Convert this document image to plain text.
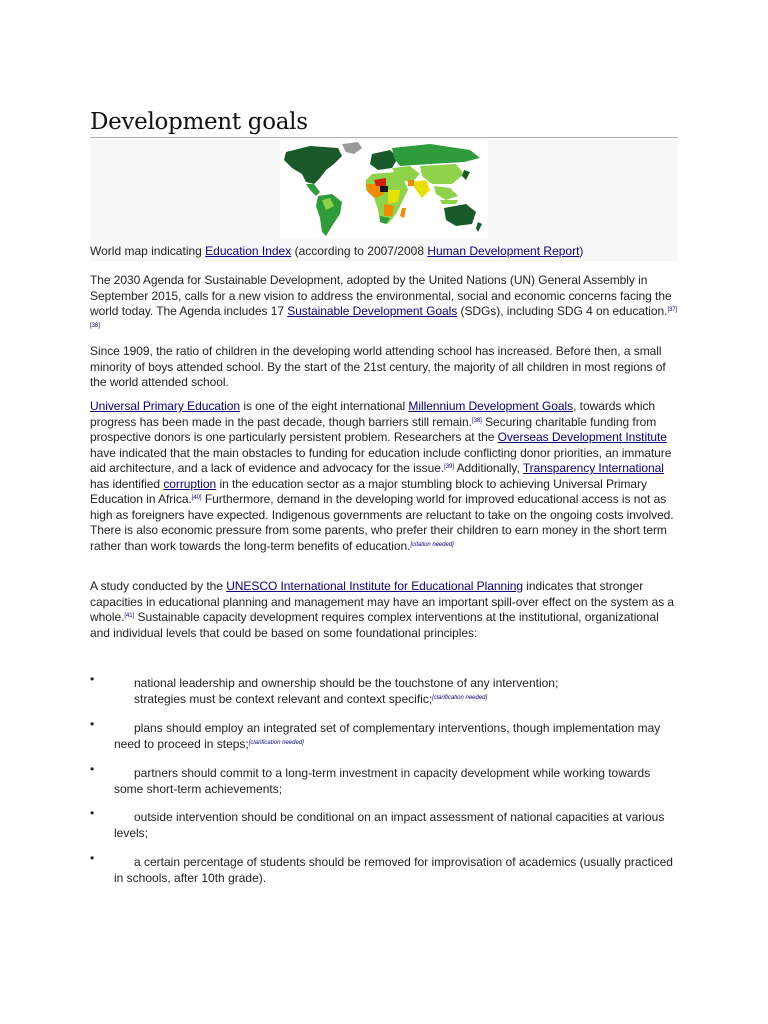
Development goals
World map indicating Education Index (according to 2007/2008 Human Development Report)

The 2030 Agenda for Sustainable Development, adopted by the United Nations (UN) General Assembly in September 2015, calls for a new vision to address the environmental, social and economic concerns facing the world today. The Agenda includes 17 Sustainable Development Goals (SDGs), including SDG 4 on education.[37][38]

Since 1909, the ratio of children in the developing world attending school has increased. Before then, a small minority of boys attended school. By the start of the 21st century, the majority of all children in most regions of the world attended school.

Universal Primary Education is one of the eight international Millennium Development Goals, towards which progress has been made in the past decade, though barriers still remain.[38] Securing charitable funding from prospective donors is one particularly persistent problem. Researchers at the Overseas Development Institute have indicated that the main obstacles to funding for education include conflicting donor priorities, an immature aid architecture, and a lack of evidence and advocacy for the issue.[39] Additionally, Transparency International has identified corruption in the education sector as a major stumbling block to achieving Universal Primary Education in Africa.[40] Furthermore, demand in the developing world for improved educational access is not as high as foreigners have expected. Indigenous governments are reluctant to take on the ongoing costs involved. There is also economic pressure from some parents, who prefer their children to earn money in the short term rather than work towards the long-term benefits of education.[citation needed]

A study conducted by the UNESCO International Institute for Educational Planning indicates that stronger capacities in educational planning and management may have an important spill-over effect on the system as a whole.[41] Sustainable capacity development requires complex interventions at the institutional, organizational and individual levels that could be based on some foundational principles:

•	national leadership and ownership should be the touchstone of any intervention;
strategies must be context relevant and context specific;[clarification needed]
•	plans should employ an integrated set of complementary interventions, though implementation may need to proceed in steps;[clarification needed]
•	partners should commit to a long-term investment in capacity development while working towards some short-term achievements;
•	outside intervention should be conditional on an impact assessment of national capacities at various levels;
•	a certain percentage of students should be removed for improvisation of academics (usually practiced in schools, after 10th grade).
